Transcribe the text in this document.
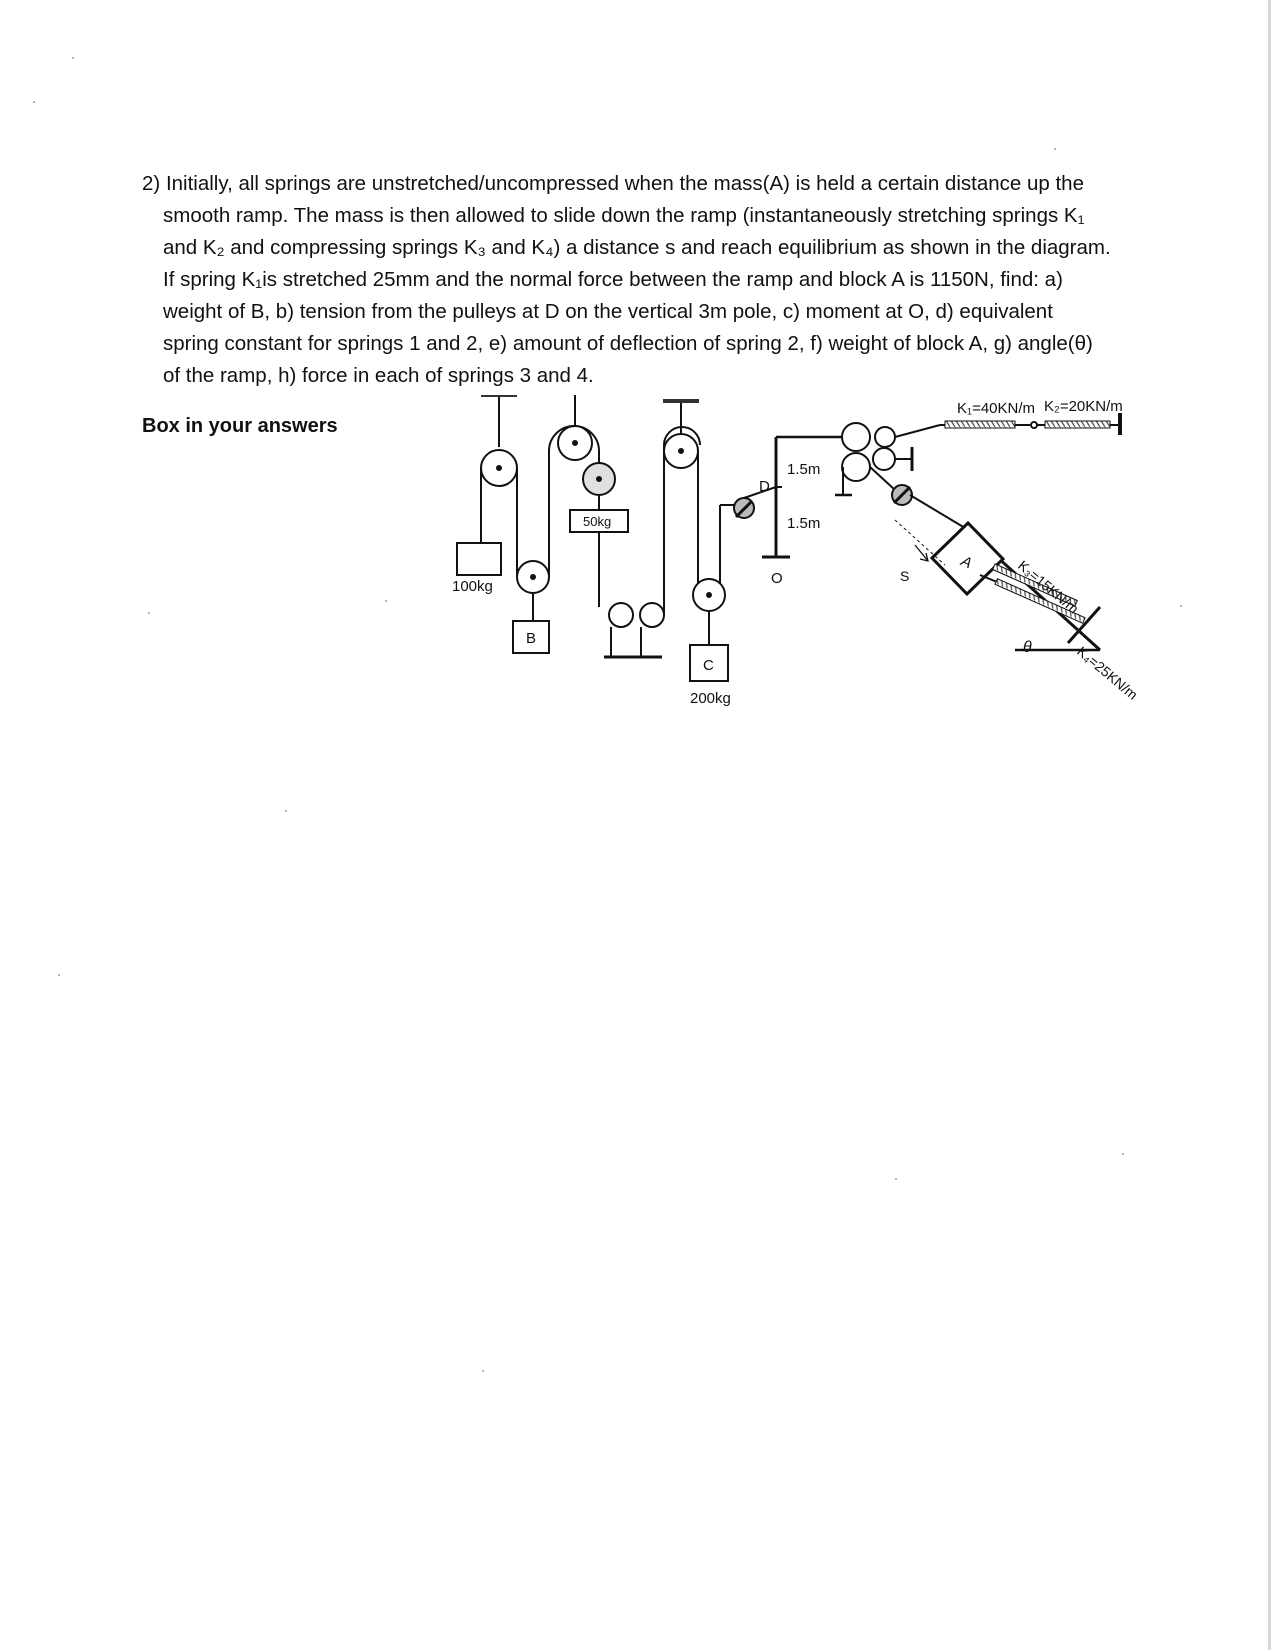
2) Initially, all springs are unstretched/uncompressed when the mass(A) is held a certain distance up the
smooth ramp. The mass is then allowed to slide down the ramp (instantaneously stretching springs K₁
and K₂ and compressing springs K₃ and K₄) a distance s and reach equilibrium as shown in the diagram.
If spring K₁is stretched 25mm and the normal force between the ramp and block A is 1150N, find: a)
weight of B, b) tension from the pulleys at D on the vertical 3m pole, c) moment at O, d) equivalent
spring constant for springs 1 and 2, e) amount of deflection of spring 2, f) weight of block A, g) angle(θ)
of the ramp, h) force in each of springs 3 and 4.
Box in your answers
100kg
B
50kg
C
200kg
D
1.5m
1.5m
O	S
A
θ
K₁=40KN/m K₂=20KN/m
K₃=15KN/m
K₄=25KN/m
